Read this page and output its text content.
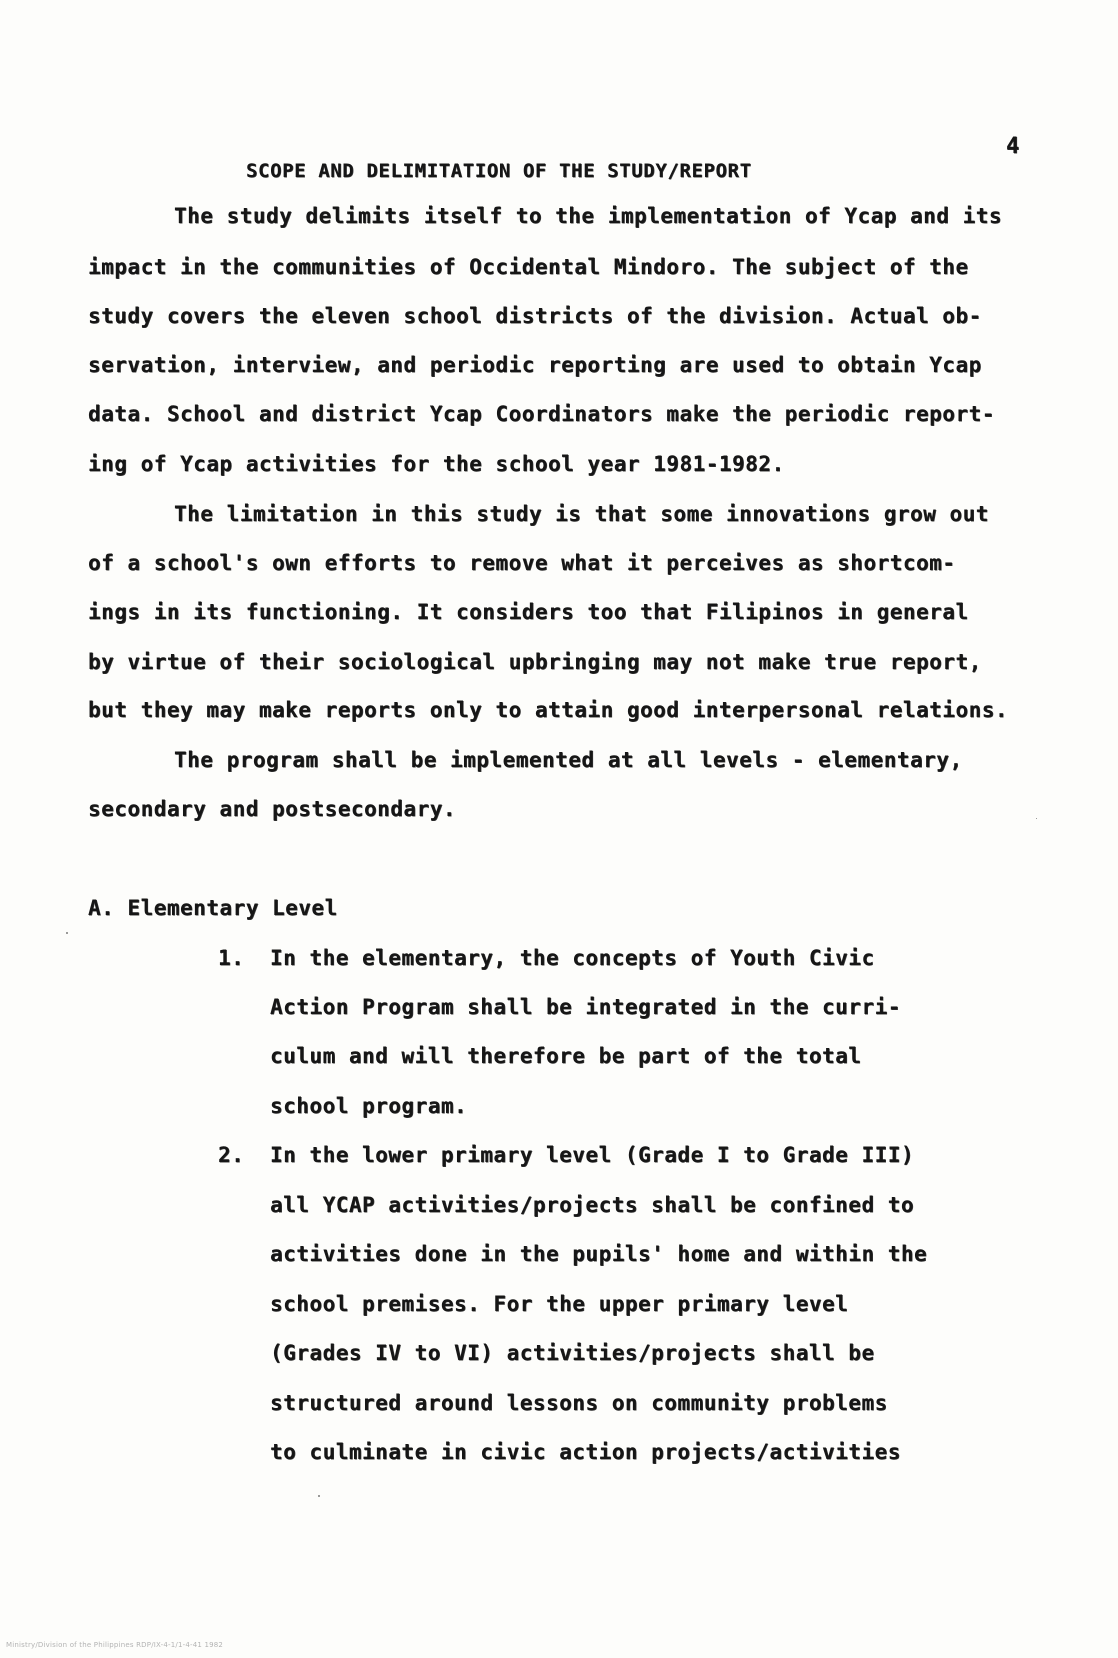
4
SCOPE AND DELIMITATION OF THE STUDY/REPORT
The study delimits itself to the implementation of Ycap and its
impact in the communities of Occidental Mindoro. The subject of the
study covers the eleven school districts of the division. Actual ob-
servation, interview, and periodic reporting are used to obtain Ycap
data. School and district Ycap Coordinators make the periodic report-
ing of Ycap activities for the school year 1981-1982.
The limitation in this study is that some innovations grow out
of a school's own efforts to remove what it perceives as shortcom-
ings in its functioning. It considers too that Filipinos in general
by virtue of their sociological upbringing may not make true report,
but they may make reports only to attain good interpersonal relations.
The program shall be implemented at all levels - elementary,
secondary and postsecondary.
A. Elementary Level
1. In the elementary, the concepts of Youth Civic
Action Program shall be integrated in the curri-
culum and will therefore be part of the total
school program.
2. In the lower primary level (Grade I to Grade III)
all YCAP activities/projects shall be confined to
activities done in the pupils' home and within the
school premises. For the upper primary level
(Grades IV to VI) activities/projects shall be
structured around lessons on community problems
to culminate in civic action projects/activities
Ministry/Division of the Philippines RDP/IX-4-1/1-4-41 1982
